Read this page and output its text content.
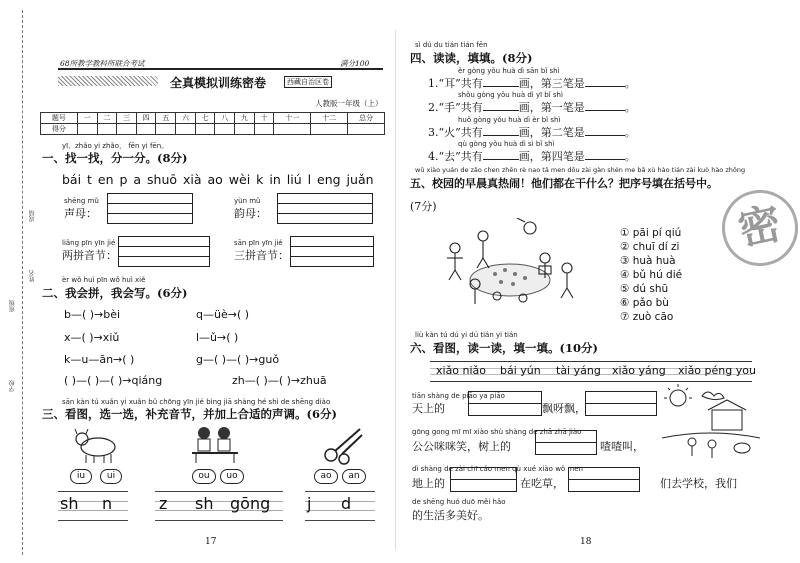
学校
班级
姓名
成绩
68所教学教科所联合考试	满分100
全真模拟训练密卷	西藏自治区卷
人教版一年级（上）
题号	一	二	三	四	五	六	七	八	九	十	十一	十二	总分
得分													
yī、zhǎo yi zhǎo， fēn yi fēn。
一、找一找，分一分。(8分)
bái t en p a shuō xià ao wèi k in liú l eng juǎn
shēng mǔ
声母：
yùn mǔ
韵母：
liǎng pīn yīn jié
两拼音节：
sān pīn yīn jié
三拼音节：
èr wǒ huì pīn wǒ huì xiě
二、我会拼，我会写。(6分)
b—( )→bèi	q—üè→( )
x—( )→xiǔ	l—ǔ→( )
k—u—ān→( )	g—( )—( )→guǒ
( )—( )—( )→qiáng	zh—( )—( )→zhuā
sān kàn tú xuǎn yi xuǎn bǔ chōng yīn jié bìng jiā shàng hé shì de shēng diào
三、看图，选一选，补充音节，并加上合适的声调。(6分)
iu	ui	ou	uo	ao	an
sh n	z sh gōng j d
17
sì dú du tián tián fēn
四、读读，填填。(8分)
ěr gòng yǒu huà dì sān bǐ shì
1.“耳”共有	画，第三笔是	。
shǒu gòng yǒu huà dì yī bǐ shì
2.“手”共有	画，第一笔是	。
huǒ gòng yǒu huà dì èr bǐ shì
3.“火”共有	画，第二笔是	。
qù gòng yǒu huà dì sì bǐ shì
4.“去”共有	画，第四笔是	。
wǔ xiào yuán de zǎo chen zhēn rè nao tā men dōu zài gàn shén me bǎ xù hào tián zài kuò hào zhōng
五、校园的早晨真热闹！他们都在干什么？把序号填在括号中。
(7分)	密
① pāi pí qiú
② chuī dí zi
③ huà huà
④ bǔ hú dié
⑤ dú shū
⑥ pǎo bù
⑦ zuò cāo
liù kàn tú dú yi dú tián yi tián
六、看图，读一读，填一填。(10分)
xiǎo niǎo bái yún tài yáng xiǎo yáng xiǎo péng you
tiān shàng de piāo ya piāo
天上的	飘呀飘，
gōng gong mī mī xiào shù shàng de zhā zhā jiào
公公咪咪笑，树上的	喳喳叫，
dì shàng de zài chī cǎo men qù xué xiào wǒ men
地上的	在吃草，	们去学校，我们
de shēng huó duō měi hǎo
的生活多美好。
18
